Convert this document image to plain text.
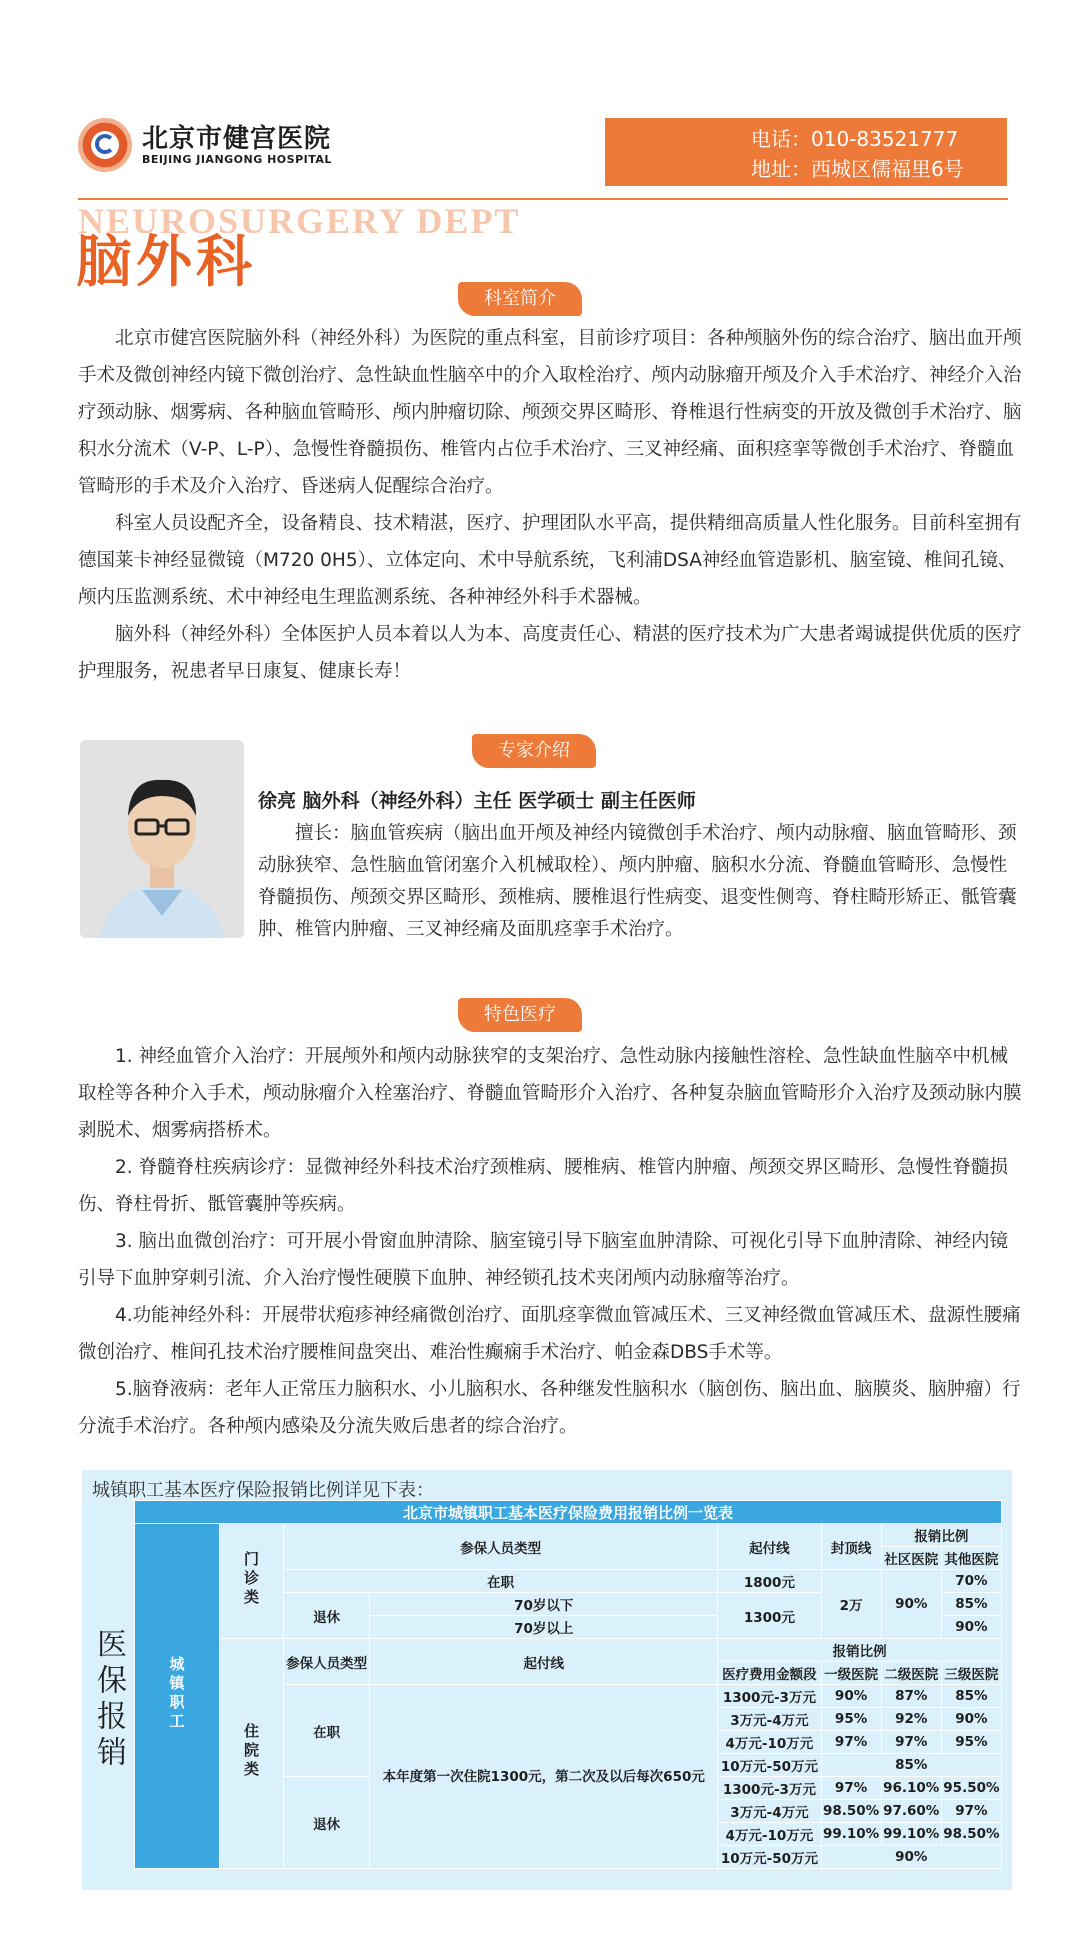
北京市健宫医院
BEIJING JIANGONG HOSPITAL
电话：010-83521777
地址：西城区儒福里6号
NEUROSURGERY DEPT
脑外科
科室简介

北京市健宫医院脑外科（神经外科）为医院的重点科室，目前诊疗项目：各种颅脑外伤的综合治疗、脑出血开颅手术及微创神经内镜下微创治疗、急性缺血性脑卒中的介入取栓治疗、颅内动脉瘤开颅及介入手术治疗、神经介入治疗颈动脉、烟雾病、各种脑血管畸形、颅内肿瘤切除、颅颈交界区畸形、脊椎退行性病变的开放及微创手术治疗、脑积水分流术（V-P、L-P）、急慢性脊髓损伤、椎管内占位手术治疗、三叉神经痛、面积痉挛等微创手术治疗、脊髓血管畸形的手术及介入治疗、昏迷病人促醒综合治疗。

科室人员设配齐全，设备精良、技术精湛，医疗、护理团队水平高，提供精细高质量人性化服务。目前科室拥有德国莱卡神经显微镜（M720 0H5）、立体定向、术中导航系统，飞利浦DSA神经血管造影机、脑室镜、椎间孔镜、颅内压监测系统、术中神经电生理监测系统、各种神经外科手术器械。

脑外科（神经外科）全体医护人员本着以人为本、高度责任心、精湛的医疗技术为广大患者竭诚提供优质的医疗护理服务，祝患者早日康复、健康长寿！

专家介绍
徐亮 脑外科（神经外科）主任 医学硕士 副主任医师

擅长：脑血管疾病（脑出血开颅及神经内镜微创手术治疗、颅内动脉瘤、脑血管畸形、颈动脉狭窄、急性脑血管闭塞介入机械取栓）、颅内肿瘤、脑积水分流、脊髓血管畸形、急慢性脊髓损伤、颅颈交界区畸形、颈椎病、腰椎退行性病变、退变性侧弯、脊柱畸形矫正、骶管囊肿、椎管内肿瘤、三叉神经痛及面肌痉挛手术治疗。

特色医疗

1. 神经血管介入治疗：开展颅外和颅内动脉狭窄的支架治疗、急性动脉内接触性溶栓、急性缺血性脑卒中机械取栓等各种介入手术，颅动脉瘤介入栓塞治疗、脊髓血管畸形介入治疗、各种复杂脑血管畸形介入治疗及颈动脉内膜剥脱术、烟雾病搭桥术。

2. 脊髓脊柱疾病诊疗：显微神经外科技术治疗颈椎病、腰椎病、椎管内肿瘤、颅颈交界区畸形、急慢性脊髓损伤、脊柱骨折、骶管囊肿等疾病。

3. 脑出血微创治疗：可开展小骨窗血肿清除、脑室镜引导下脑室血肿清除、可视化引导下血肿清除、神经内镜引导下血肿穿刺引流、介入治疗慢性硬膜下血肿、神经锁孔技术夹闭颅内动脉瘤等治疗。

4.功能神经外科：开展带状疱疹神经痛微创治疗、面肌痉挛微血管减压术、三叉神经微血管减压术、盘源性腰痛微创治疗、椎间孔技术治疗腰椎间盘突出、难治性癫痫手术治疗、帕金森DBS手术等。

5.脑脊液病：老年人正常压力脑积水、小儿脑积水、各种继发性脑积水（脑创伤、脑出血、脑膜炎、脑肿瘤）行分流手术治疗。各种颅内感染及分流失败后患者的综合治疗。

城镇职工基本医疗保险报销比例详见下表：
医保报销
北京市城镇职工基本医疗保险费用报销比例一览表							
城镇职工	门诊类	参保人员类型		起付线	封顶线	报销比例	
						社区医院	其他医院
		在职		1800元	2万	90%	70%
		退休	70岁以下	1300元			85%
			70岁以上				90%
	住院类	参保人员类型	起付线	报销比例			
				医疗费用金额段	一级医院	二级医院	三级医院
		在职	本年度第一次住院1300元，第二次及以后每次650元	1300元-3万元	90%	87%	85%
				3万元-4万元	95%	92%	90%
				4万元-10万元	97%	97%	95%
				10万元-50万元	85%		
		退休		1300元-3万元	97%	96.10%	95.50%
				3万元-4万元	98.50%	97.60%	97%
				4万元-10万元	99.10%	99.10%	98.50%
				10万元-50万元	90%		
